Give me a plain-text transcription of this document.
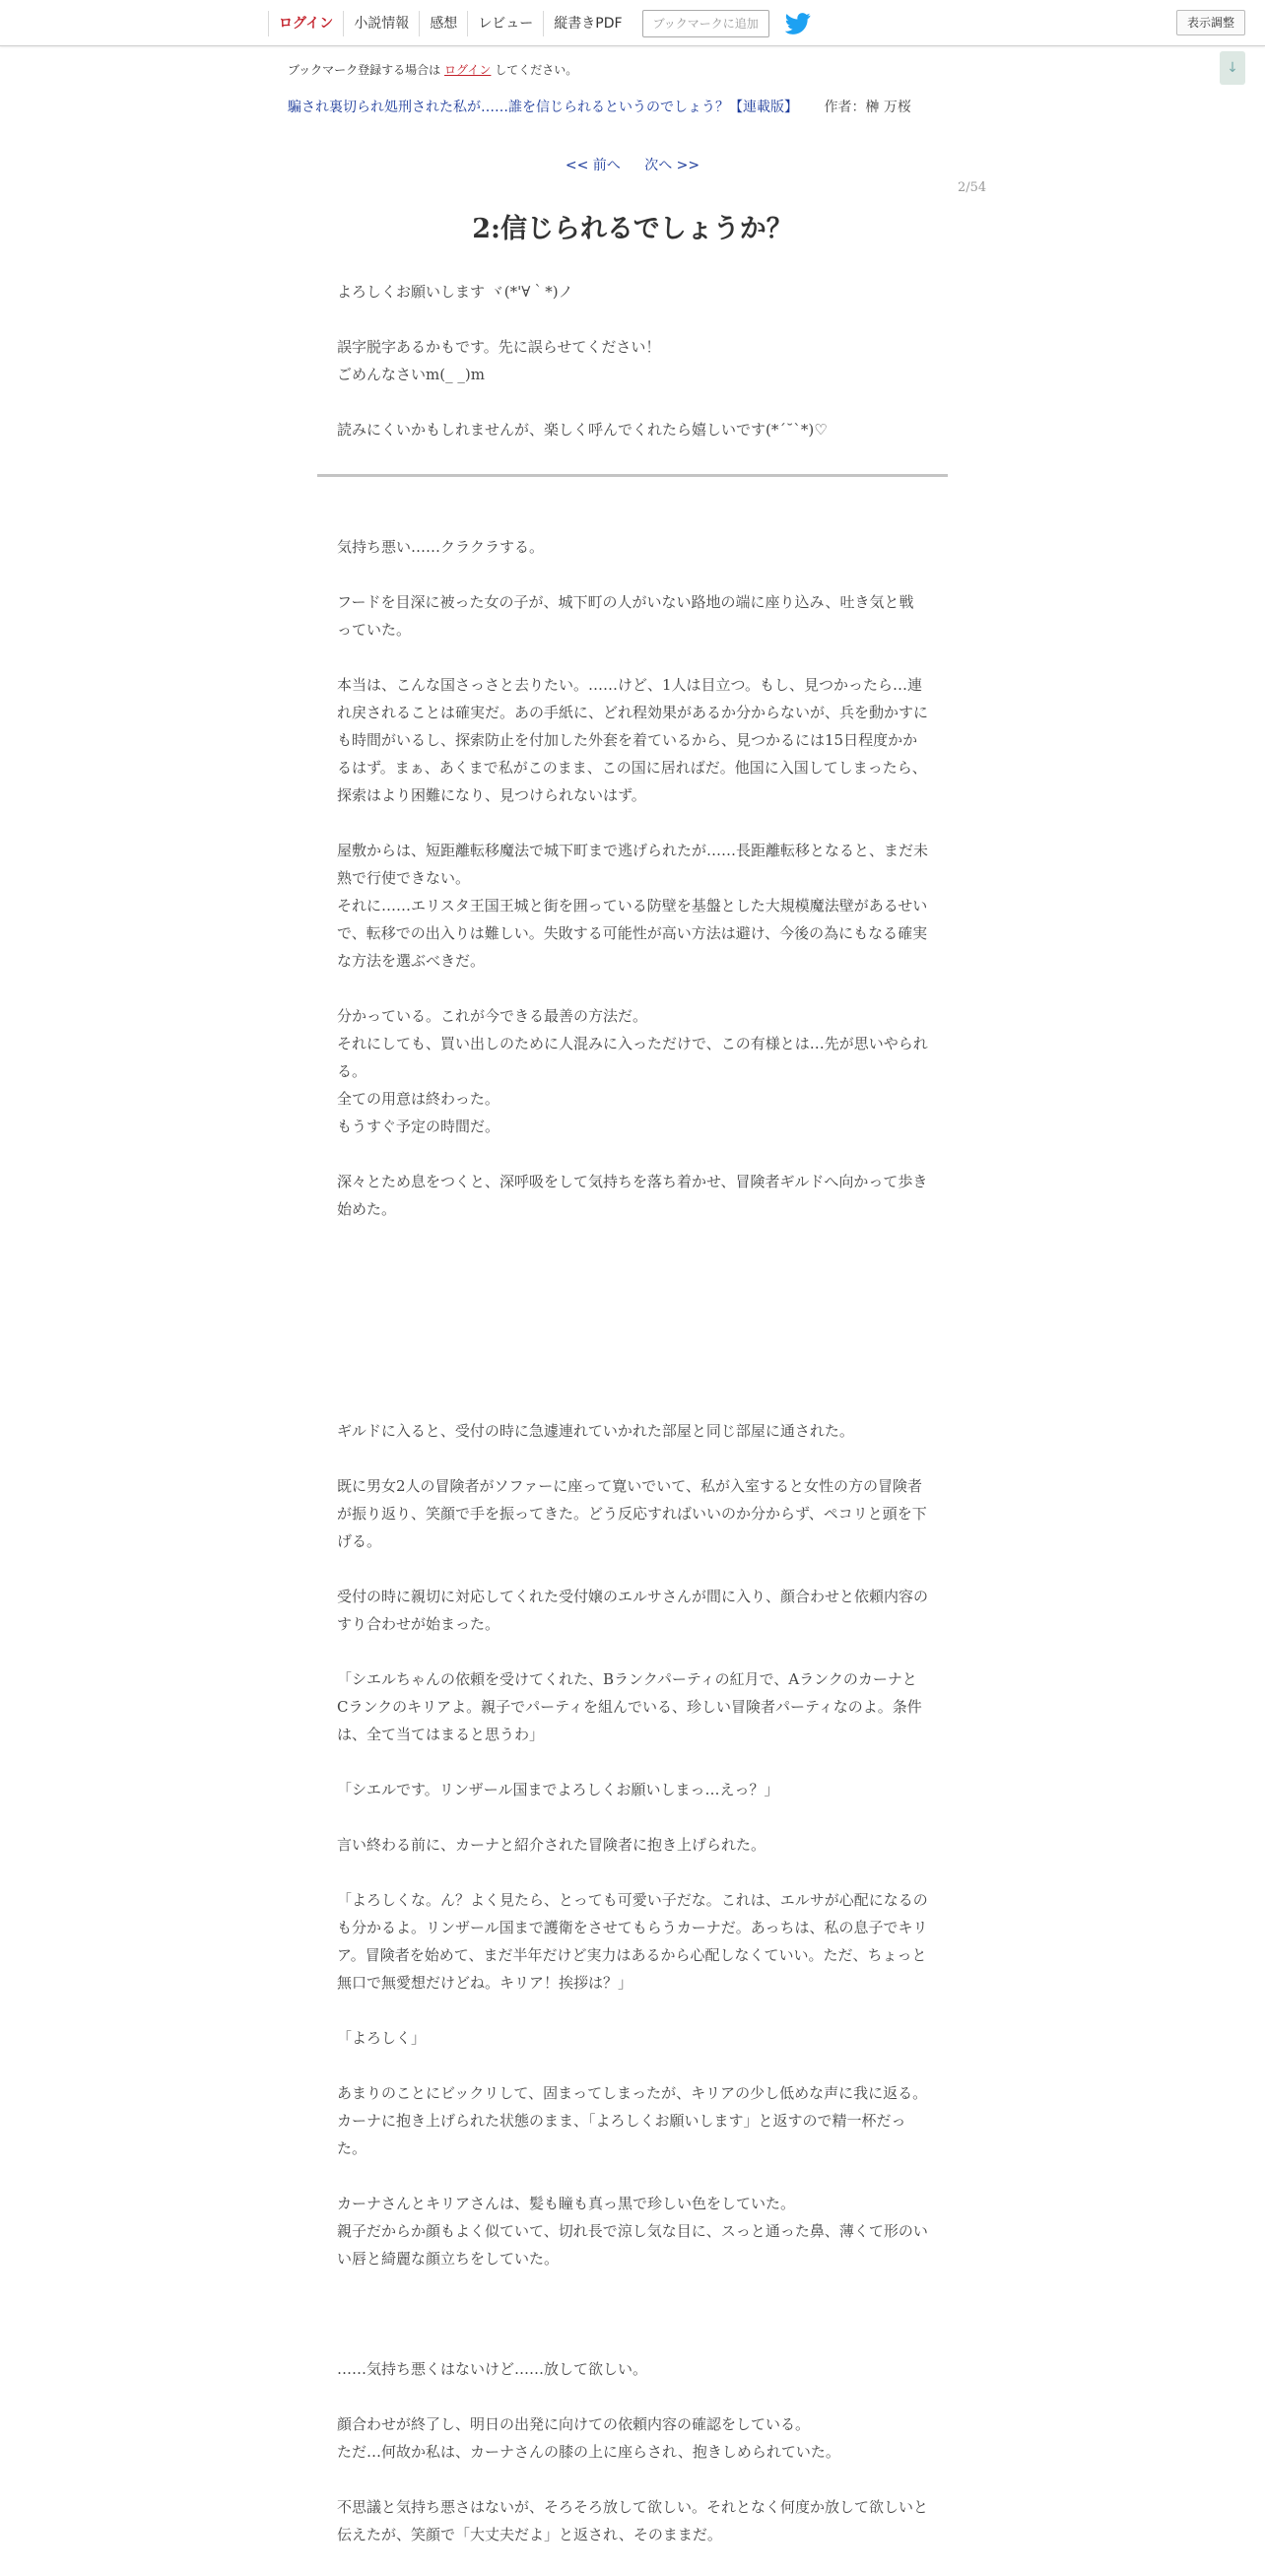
ログイン	小説情報	感想	レビュー	縦書きPDF	ブックマークに追加	表示調整
↓
ブックマーク登録する場合は ログイン してください。
騙され裏切られ処刑された私が……誰を信じられるというのでしょう？【連載版】 作者：榊 万桜
<< 前へ 次へ >>
2/54
2:信じられるでしょうか？

よろしくお願いします ヾ(*'∀｀*)ノ

誤字脱字あるかもです。先に誤らせてください！
ごめんなさいm(_ _)m

読みにくいかもしれませんが、楽しく呼んでくれたら嬉しいです(*´˘`*)♡

気持ち悪い……クラクラする。

フードを目深に被った女の子が、城下町の人がいない路地の端に座り込み、吐き気と戦っていた。

本当は、こんな国さっさと去りたい。……けど、1人は目立つ。もし、見つかったら…連れ戻されることは確実だ。あの手紙に、どれ程効果があるか分からないが、兵を動かすにも時間がいるし、探索防止を付加した外套を着ているから、見つかるには15日程度かかるはず。まぁ、あくまで私がこのまま、この国に居ればだ。他国に入国してしまったら、探索はより困難になり、見つけられないはず。

屋敷からは、短距離転移魔法で城下町まで逃げられたが……長距離転移となると、まだ未熟で行使できない。
それに……エリスタ王国王城と街を囲っている防壁を基盤とした大規模魔法壁があるせいで、転移での出入りは難しい。失敗する可能性が高い方法は避け、今後の為にもなる確実な方法を選ぶべきだ。

分かっている。これが今できる最善の方法だ。
それにしても、買い出しのために人混みに入っただけで、この有様とは…先が思いやられる。
全ての用意は終わった。
もうすぐ予定の時間だ。

深々とため息をつくと、深呼吸をして気持ちを落ち着かせ、冒険者ギルドへ向かって歩き始めた。

ギルドに入ると、受付の時に急遽連れていかれた部屋と同じ部屋に通された。

既に男女2人の冒険者がソファーに座って寛いでいて、私が入室すると女性の方の冒険者が振り返り、笑顔で手を振ってきた。どう反応すればいいのか分からず、ペコリと頭を下げる。

受付の時に親切に対応してくれた受付嬢のエルサさんが間に入り、顔合わせと依頼内容のすり合わせが始まった。

「シエルちゃんの依頼を受けてくれた、Bランクパーティの紅月で、Aランクのカーナと Cランクのキリアよ。親子でパーティを組んでいる、珍しい冒険者パーティなのよ。条件は、全て当てはまると思うわ」

「シエルです。リンザール国までよろしくお願いしまっ…えっ？」

言い終わる前に、カーナと紹介された冒険者に抱き上げられた。

「よろしくな。ん？よく見たら、とっても可愛い子だな。これは、エルサが心配になるのも分かるよ。リンザール国まで護衛をさせてもらうカーナだ。あっちは、私の息子でキリア。冒険者を始めて、まだ半年だけど実力はあるから心配しなくていい。ただ、ちょっと無口で無愛想だけどね。キリア！挨拶は？」

「よろしく」

あまりのことにビックリして、固まってしまったが、キリアの少し低めな声に我に返る。
カーナに抱き上げられた状態のまま、「よろしくお願いします」と返すので精一杯だった。

カーナさんとキリアさんは、髪も瞳も真っ黒で珍しい色をしていた。
親子だからか顔もよく似ていて、切れ長で涼し気な目に、スっと通った鼻、薄くて形のいい唇と綺麗な顔立ちをしていた。

……気持ち悪くはないけど……放して欲しい。

顔合わせが終了し、明日の出発に向けての依頼内容の確認をしている。
ただ…何故か私は、カーナさんの膝の上に座らされ、抱きしめられていた。

不思議と気持ち悪さはないが、そろそろ放して欲しい。それとなく何度か放して欲しいと伝えたが、笑顔で「大丈夫だよ」と返され、そのままだ。
